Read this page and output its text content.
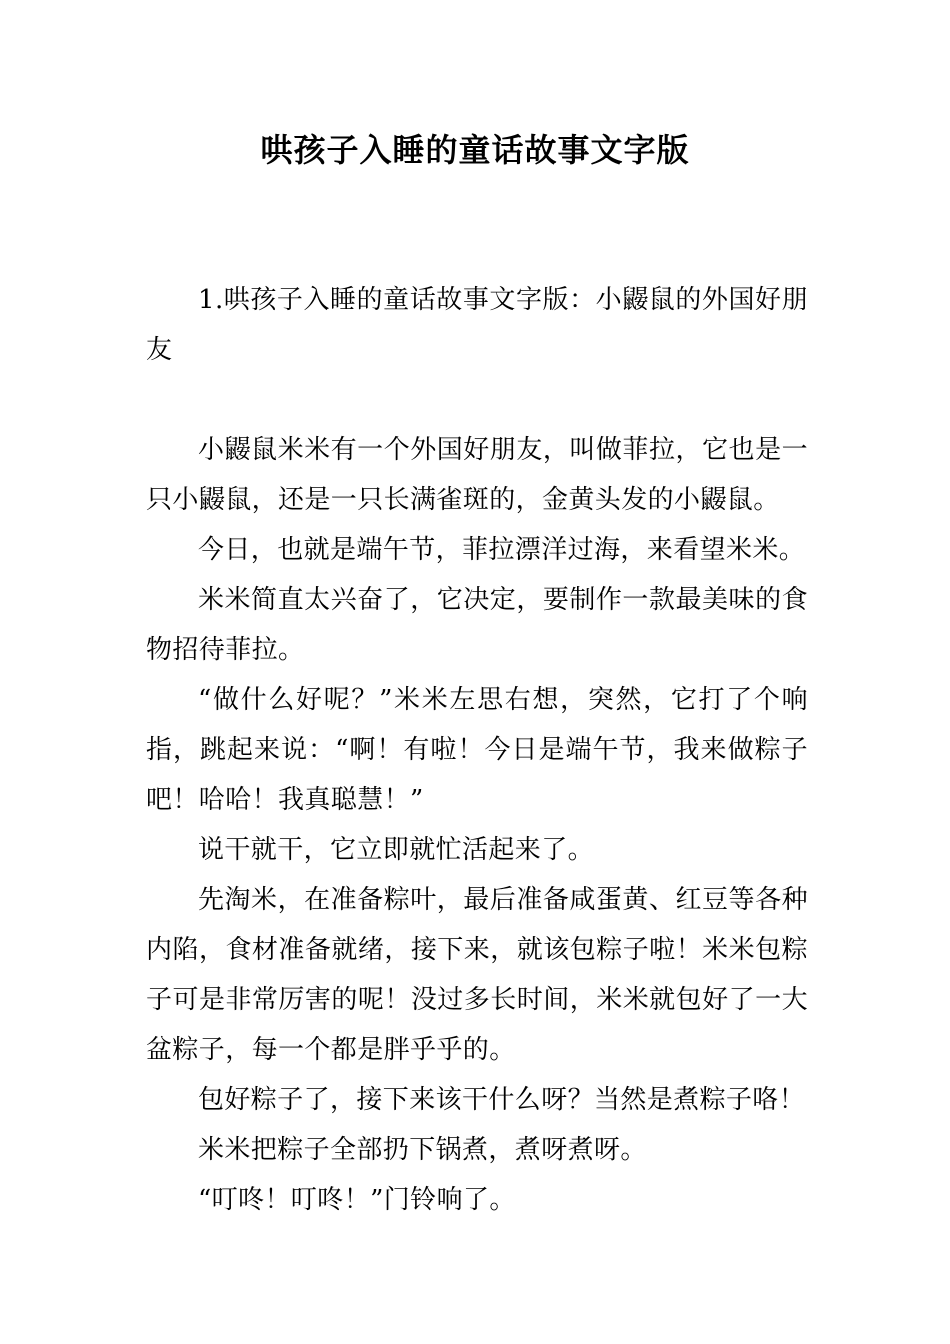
哄孩子入睡的童话故事文字版

1.哄孩子入睡的童话故事文字版：小鼹鼠的外国好朋友

小鼹鼠米米有一个外国好朋友，叫做菲拉，它也是一只小鼹鼠，还是一只长满雀斑的，金黄头发的小鼹鼠。

今日，也就是端午节，菲拉漂洋过海，来看望米米。

米米简直太兴奋了，它决定，要制作一款最美味的食物招待菲拉。

“做什么好呢？”米米左思右想，突然，它打了个响指，跳起来说：“啊！有啦！今日是端午节，我来做粽子吧！哈哈！我真聪慧！”

说干就干，它立即就忙活起来了。

先淘米，在准备粽叶，最后准备咸蛋黄、红豆等各种内陷，食材准备就绪，接下来，就该包粽子啦！米米包粽子可是非常厉害的呢！没过多长时间，米米就包好了一大盆粽子，每一个都是胖乎乎的。

包好粽子了，接下来该干什么呀？当然是煮粽子咯！

米米把粽子全部扔下锅煮，煮呀煮呀。

“叮咚！叮咚！”门铃响了。
